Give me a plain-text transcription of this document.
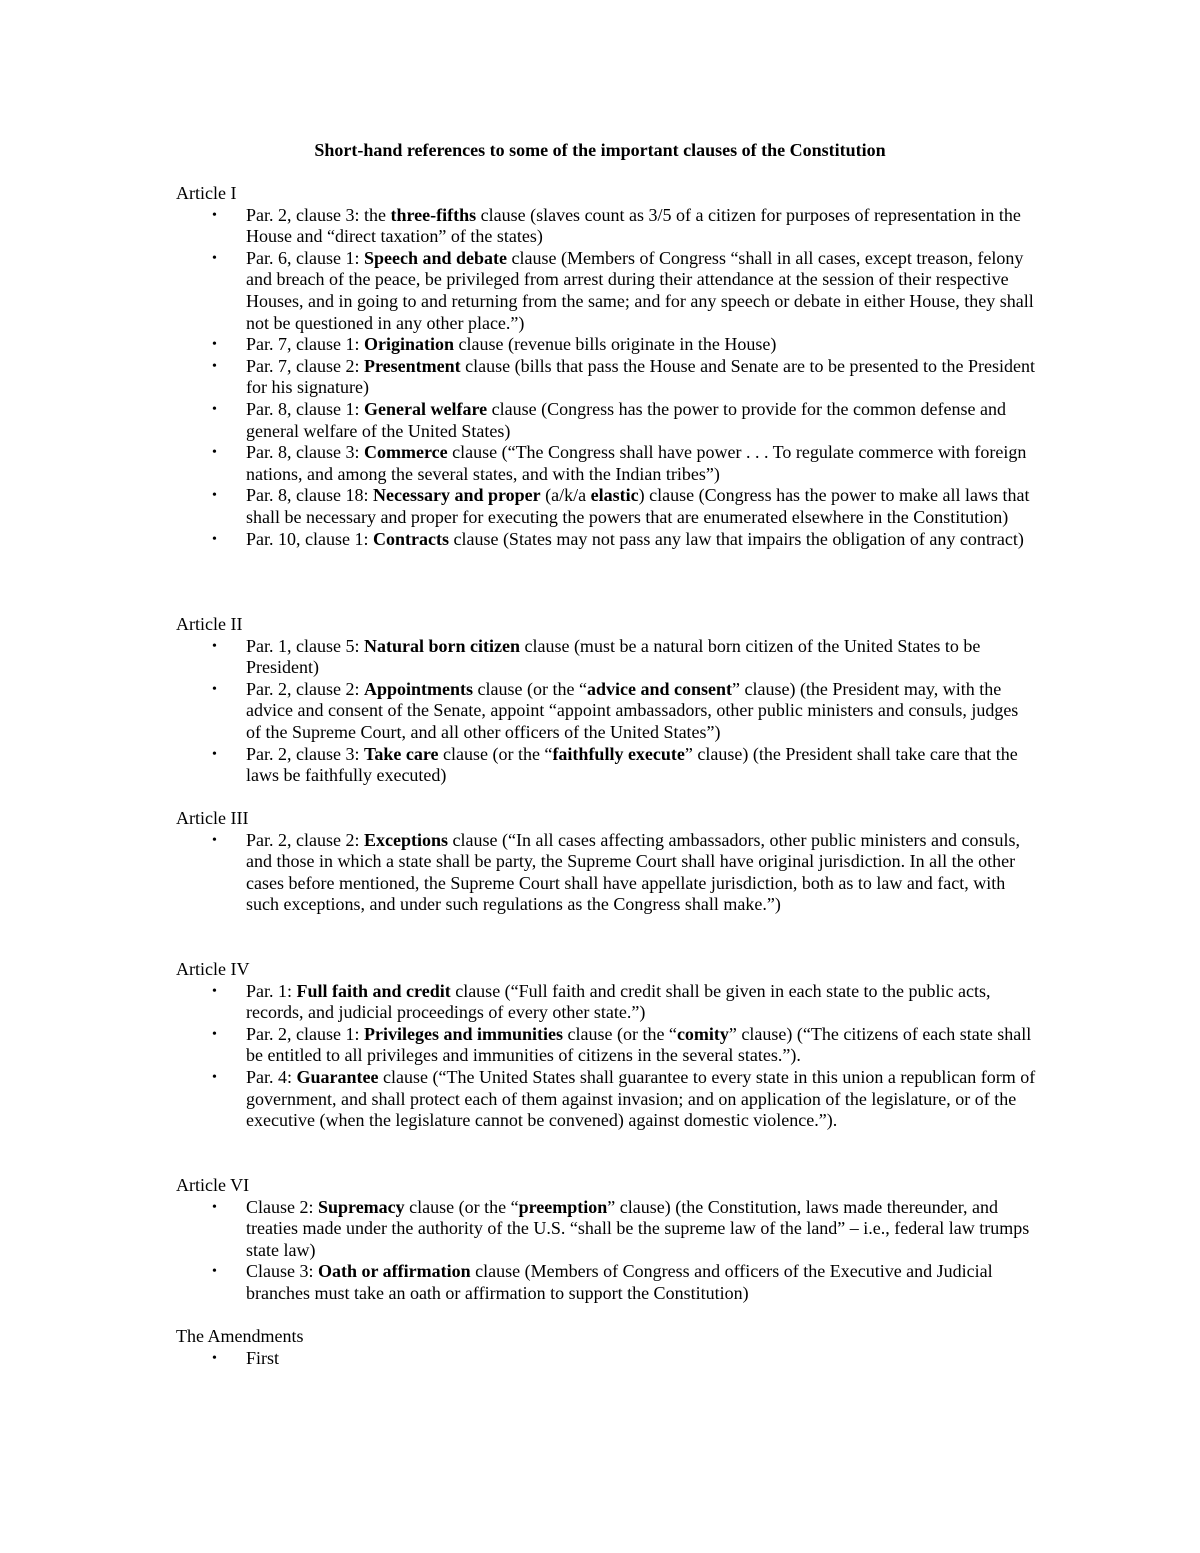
Short-hand references to some of the important clauses of the Constitution

Article I

• Par. 2, clause 3: the three-fifths clause (slaves count as 3/5 of a citizen for purposes of representation in the House and “direct taxation” of the states)
• Par. 6, clause 1: Speech and debate clause (Members of Congress “shall in all cases, except treason, felony and breach of the peace, be privileged from arrest during their attendance at the session of their respective Houses, and in going to and returning from the same; and for any speech or debate in either House, they shall not be questioned in any other place.”)
• Par. 7, clause 1: Origination clause (revenue bills originate in the House)
• Par. 7, clause 2: Presentment clause (bills that pass the House and Senate are to be presented to the President for his signature)
• Par. 8, clause 1: General welfare clause (Congress has the power to provide for the common defense and general welfare of the United States)
• Par. 8, clause 3: Commerce clause (“The Congress shall have power . . . To regulate commerce with foreign nations, and among the several states, and with the Indian tribes”)
• Par. 8, clause 18: Necessary and proper (a/k/a elastic) clause (Congress has the power to make all laws that shall be necessary and proper for executing the powers that are enumerated elsewhere in the Constitution)
• Par. 10, clause 1: Contracts clause (States may not pass any law that impairs the obligation of any contract)

Article II

• Par. 1, clause 5: Natural born citizen clause (must be a natural born citizen of the United States to be President)
• Par. 2, clause 2: Appointments clause (or the “advice and consent” clause) (the President may, with the advice and consent of the Senate, appoint “appoint ambassadors, other public ministers and consuls, judges of the Supreme Court, and all other officers of the United States”)
• Par. 2, clause 3: Take care clause (or the “faithfully execute” clause) (the President shall take care that the laws be faithfully executed)

Article III

• Par. 2, clause 2: Exceptions clause (“In all cases affecting ambassadors, other public ministers and consuls, and those in which a state shall be party, the Supreme Court shall have original jurisdiction. In all the other cases before mentioned, the Supreme Court shall have appellate jurisdiction, both as to law and fact, with such exceptions, and under such regulations as the Congress shall make.”)

Article IV

• Par. 1: Full faith and credit clause (“Full faith and credit shall be given in each state to the public acts, records, and judicial proceedings of every other state.”)
• Par. 2, clause 1: Privileges and immunities clause (or the “comity” clause) (“The citizens of each state shall be entitled to all privileges and immunities of citizens in the several states.”).
• Par. 4: Guarantee clause (“The United States shall guarantee to every state in this union a republican form of government, and shall protect each of them against invasion; and on application of the legislature, or of the executive (when the legislature cannot be convened) against domestic violence.”).

Article VI

• Clause 2: Supremacy clause (or the “preemption” clause) (the Constitution, laws made thereunder, and treaties made under the authority of the U.S. “shall be the supreme law of the land” – i.e., federal law trumps state law)
• Clause 3: Oath or affirmation clause (Members of Congress and officers of the Executive and Judicial branches must take an oath or affirmation to support the Constitution)

The Amendments

• First
